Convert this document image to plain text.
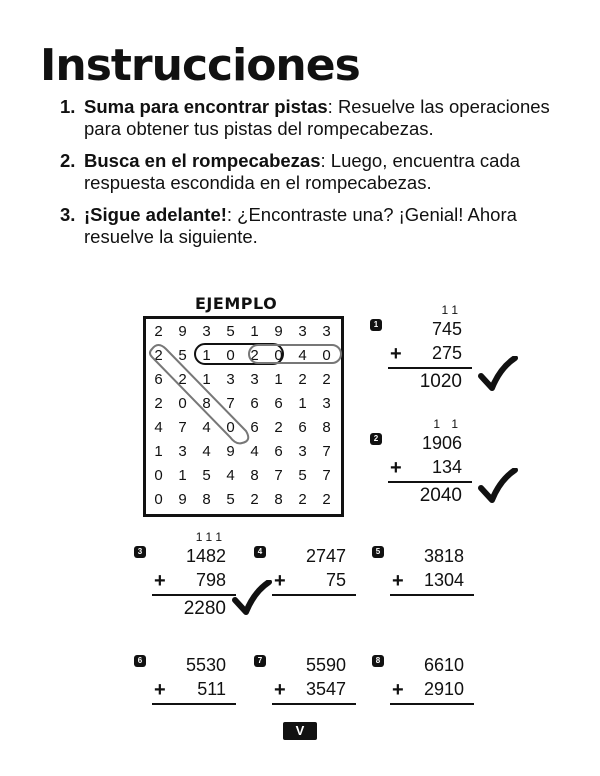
Instrucciones
1. Suma para encontrar pistas: Resuelve las operaciones para obtener tus pistas del rompecabezas.
2. Busca en el rompecabezas: Luego, encuentra cada respuesta escondida en el rompecabezas.
3. ¡Sigue adelante!: ¿Encontraste una? ¡Genial! Ahora resuelve la siguiente.
EJEMPLO
2	9	3	5	1	9	3	3
2	5	1	0	2	0	4	0
6	2	1	3	3	1	2	2
2	0	8	7	6	6	1	3
4	7	4	0	6	2	6	8
1	3	4	9	4	6	3	7
0	1	5	4	8	7	5	7
0	9	8	5	2	8	2	2
1
11
745
+ 275
1020
2
1 1
1906
+ 134
2040
3
111
1482
+ 798
2280
4 2747
+ 75
5 3818
+ 1304
6 5530
+ 511
7 5590
+ 3547
8 6610
+ 2910
V
